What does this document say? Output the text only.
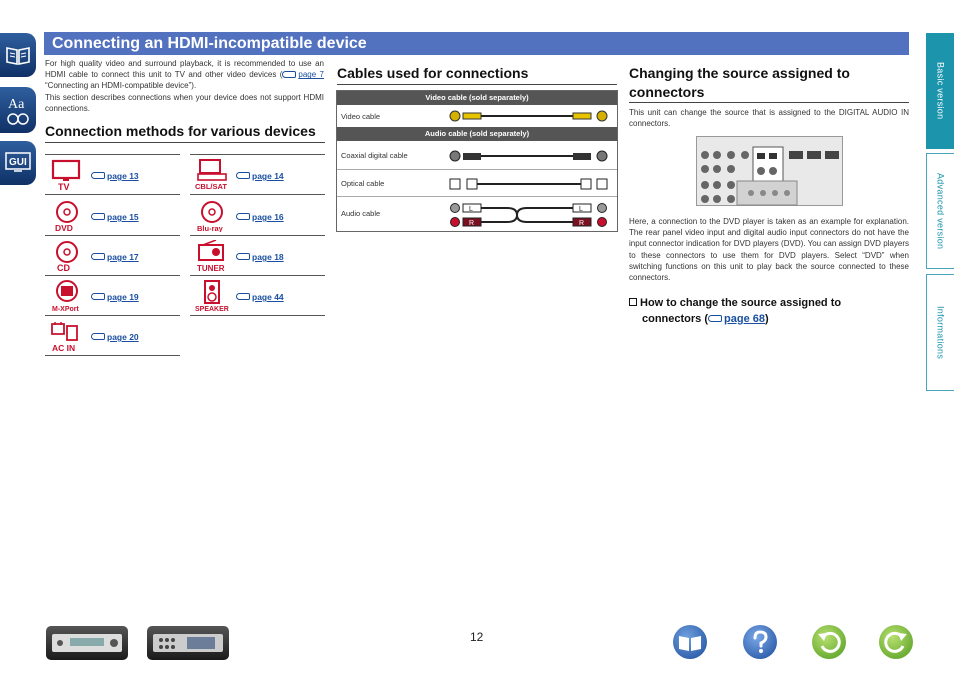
Aa
GUI
Basic version
Advanced version
Informations
Connecting an HDMI-incompatible device
For high quality video and surround playback, it is recommended to use an HDMI cable to connect this unit to TV and other video devices ( page 7 “Connecting an HDMI-compatible device”).
This section describes connections when your device does not support HDMI connections.
Connection methods for various devices
TV
page 13
CBL/SAT
page 14
DVD
page 15
Blu-ray
page 16
CD
page 17
TUNER
page 18
M-XPort
page 19
SPEAKER
page 44
AC IN
page 20
Cables used for connections
Video cable (sold separately)
Video cable
Audio cable (sold separately)
Coaxial digital cable
Optical cable
Audio cable	L
R
L
R
Changing the source assigned to
connectors
This unit can change the source that is assigned to the DIGITAL AUDIO IN connectors.
Here, a connection to the DVD player is taken as an example for explanation. The rear panel video input and digital audio input connectors do not have the input connector indication for DVD players (DVD). You can assign DVD players to these connectors to use them for DVD players. Select “DVD” when switching functions on this unit to play back the source connected to these connectors.
How to change the source assigned to
connectors ( page 68)
12
